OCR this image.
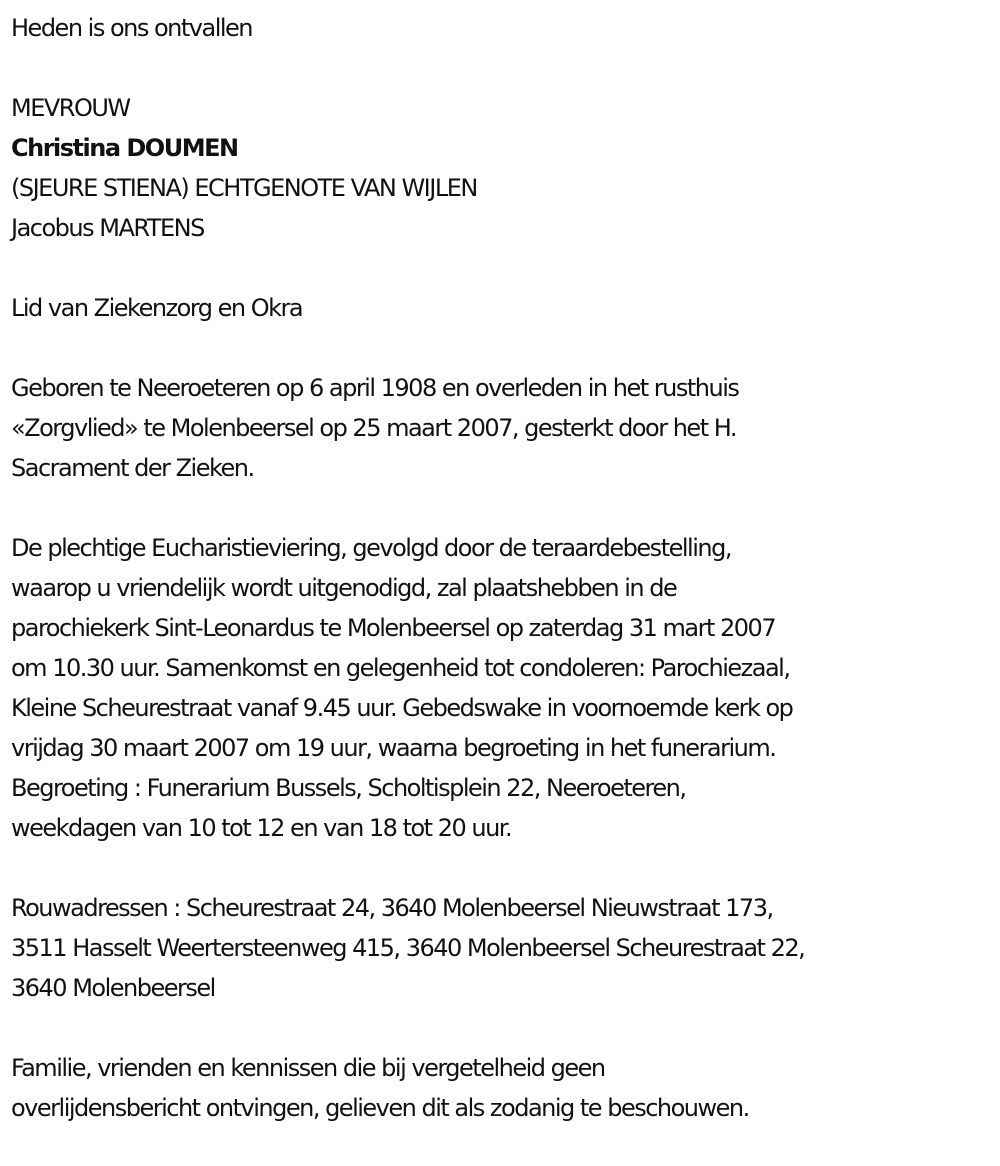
Heden is ons ontvallen

MEVROUW

Christina DOUMEN

(SJEURE STIENA) ECHTGENOTE VAN WIJLEN

Jacobus MARTENS

Lid van Ziekenzorg en Okra

Geboren te Neeroeteren op 6 april 1908 en overleden in het rusthuis

«Zorgvlied» te Molenbeersel op 25 maart 2007, gesterkt door het H.

Sacrament der Zieken.

De plechtige Eucharistieviering, gevolgd door de teraardebestelling,

waarop u vriendelijk wordt uitgenodigd, zal plaatshebben in de

parochiekerk Sint-Leonardus te Molenbeersel op zaterdag 31 mart 2007

om 10.30 uur. Samenkomst en gelegenheid tot condoleren: Parochiezaal,

Kleine Scheurestraat vanaf 9.45 uur. Gebedswake in voornoemde kerk op

vrijdag 30 maart 2007 om 19 uur, waarna begroeting in het funerarium.

Begroeting : Funerarium Bussels, Scholtisplein 22, Neeroeteren,

weekdagen van 10 tot 12 en van 18 tot 20 uur.

Rouwadressen : Scheurestraat 24, 3640 Molenbeersel Nieuwstraat 173,

3511 Hasselt Weertersteenweg 415, 3640 Molenbeersel Scheurestraat 22,

3640 Molenbeersel

Familie, vrienden en kennissen die bij vergetelheid geen

overlijdensbericht ontvingen, gelieven dit als zodanig te beschouwen.
